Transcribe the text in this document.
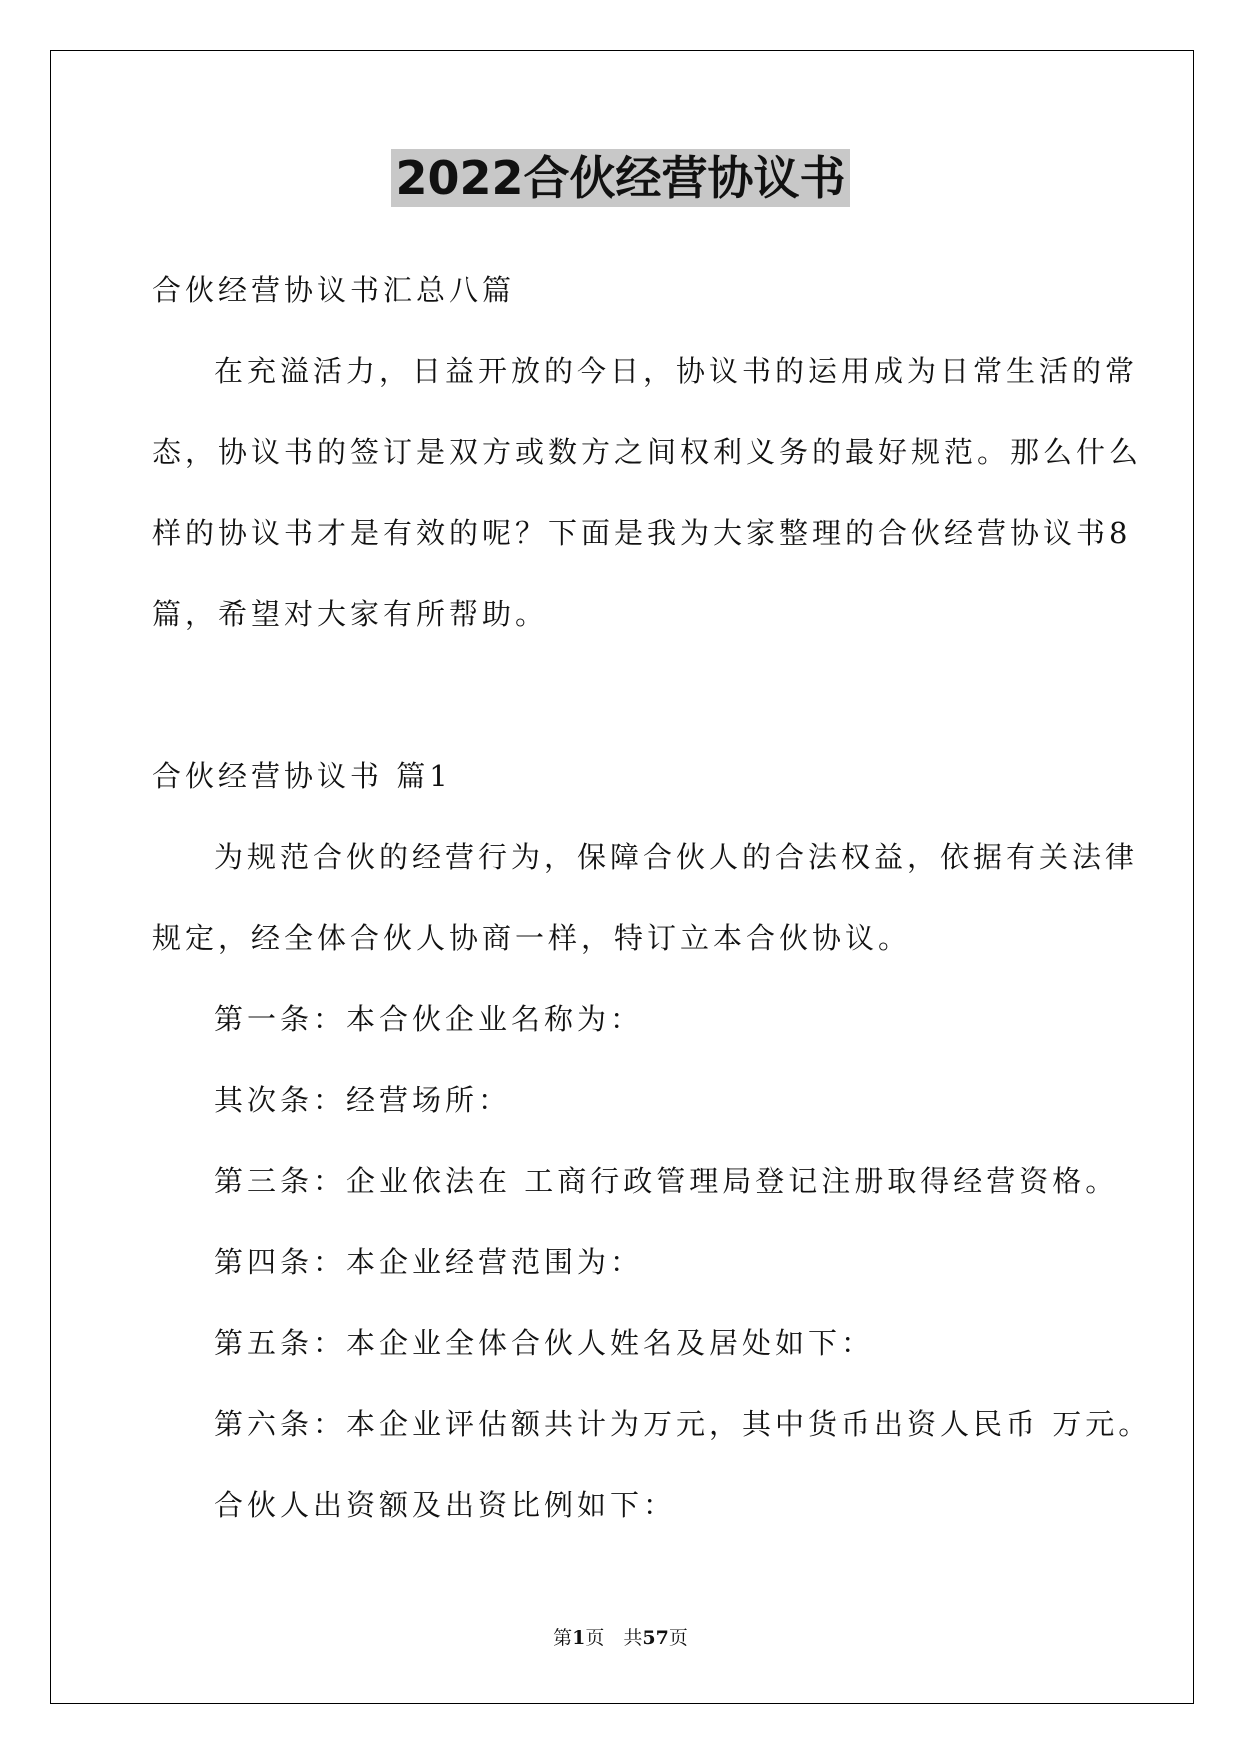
2022合伙经营协议书
合伙经营协议书汇总八篇
在充溢活力，日益开放的今日，协议书的运用成为日常生活的常
态，协议书的签订是双方或数方之间权利义务的最好规范。那么什么
样的协议书才是有效的呢？下面是我为大家整理的合伙经营协议书8
篇，希望对大家有所帮助。
合伙经营协议书 篇1
为规范合伙的经营行为，保障合伙人的合法权益，依据有关法律
规定，经全体合伙人协商一样，特订立本合伙协议。
第一条：本合伙企业名称为：
其次条：经营场所：
第三条：企业依法在 工商行政管理局登记注册取得经营资格。
第四条：本企业经营范围为：
第五条：本企业全体合伙人姓名及居处如下：
第六条：本企业评估额共计为万元，其中货币出资人民币 万元。
合伙人出资额及出资比例如下：
第1页　共57页
